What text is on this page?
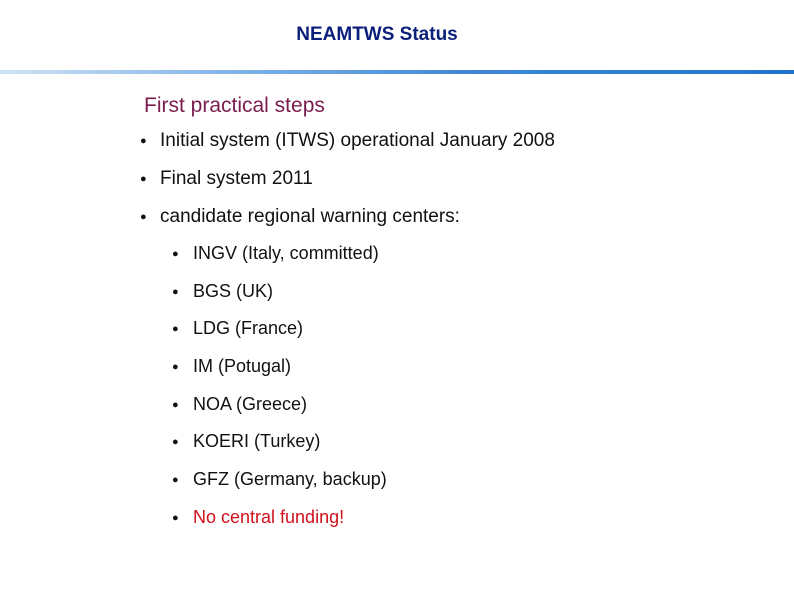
NEAMTWS Status
First practical steps
● Initial system (ITWS) operational January 2008
● Final system 2011
● candidate regional warning centers:
● INGV (Italy, committed)
● BGS (UK)
● LDG (France)
● IM (Potugal)
● NOA (Greece)
● KOERI (Turkey)
● GFZ (Germany, backup)
● No central funding!
